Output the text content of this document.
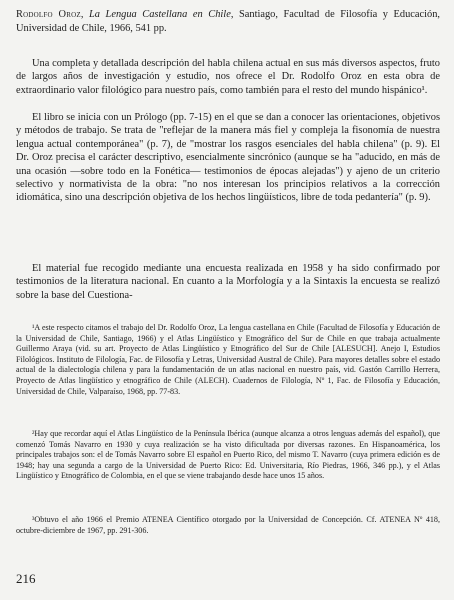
Rodolfo Oroz, La Lengua Castellana en Chile, Santiago, Facultad de Filosofía y Educación, Universidad de Chile, 1966, 541 pp.

Una completa y detallada descripción del habla chilena actual en sus más diversos aspectos, fruto de largos años de investigación y estudio, nos ofrece el Dr. Rodolfo Oroz en esta obra de extraordinario valor filológico para nuestro país, como también para el resto del mundo hispánico¹.

El libro se inicia con un Prólogo (pp. 7-15) en el que se dan a conocer las orientaciones, objetivos y métodos de trabajo. Se trata de "reflejar de la manera más fiel y compleja la fisonomía de nuestra lengua actual contemporánea" (p. 7), de "mostrar los rasgos esenciales del habla chilena" (p. 9). El Dr. Oroz precisa el carácter descriptivo, esencialmente sincrónico (aunque se ha "aducido, en más de una ocasión —sobre todo en la Fonética— testimonios de épocas alejadas") y ajeno de un criterio selectivo y normativista de la obra: "no nos interesan los principios relativos a la corrección idiomática, sino una descripción objetiva de los hechos lingüísticos, libre de toda pedantería" (p. 9).

El material fue recogido mediante una encuesta realizada en 1958 y ha sido confirmado por testimonios de la literatura nacional. En cuanto a la Morfología y a la Sintaxis la encuesta se realizó sobre la base del Cuestiona-

¹A este respecto citamos el trabajo del Dr. Rodolfo Oroz, La lengua castellana en Chile (Facultad de Filosofía y Educación de la Universidad de Chile, Santiago, 1966) y el Atlas Lingüístico y Etnográfico del Sur de Chile en que trabaja actualmente Guillermo Araya (vid. su art. Proyecto de Atlas Lingüístico y Etnográfico del Sur de Chile [ALESUCH]. Anejo I, Estudios Filológicos. Instituto de Filología, Fac. de Filosofía y Letras, Universidad Austral de Chile). Para mayores detalles sobre el estado actual de la dialectología chilena y para la fundamentación de un atlas nacional en nuestro país, vid. Gastón Carrillo Herrera, Proyecto de Atlas lingüístico y etnográfico de Chile (ALECH). Cuadernos de Filología, Nº 1, Fac. de Filosofía y Educación, Universidad de Chile, Valparaíso, 1968, pp. 77-83.

²Hay que recordar aquí el Atlas Lingüístico de la Península Ibérica (aunque alcanza a otros lenguas además del español), que comenzó Tomás Navarro en 1930 y cuya realización se ha visto dificultada por diversas razones. En Hispanoamérica, los principales trabajos son: el de Tomás Navarro sobre El español en Puerto Rico, del mismo T. Navarro (cuya primera edición es de 1948; hay una segunda a cargo de la Universidad de Puerto Rico: Ed. Universitaria, Río Piedras, 1966, 346 pp.), y el Atlas Lingüístico y Etnográfico de Colombia, en el que se viene trabajando desde hace unos 15 años.

³Obtuvo el año 1966 el Premio ATENEA Científico otorgado por la Universidad de Concepción. Cf. ATENEA Nº 418, octubre-diciembre de 1967, pp. 291-306.

216
